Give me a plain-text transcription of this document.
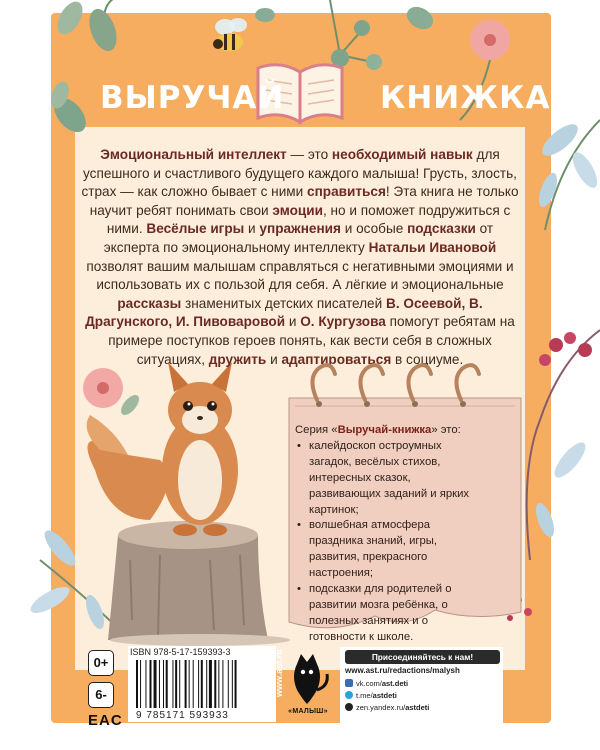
ВЫРУЧАЙ	КНИЖКА
Эмоциональный интеллект — это необходимый навык для успешного и счастливого будущего каждого малыша! Грусть, злость, страх — как сложно бывает с ними справиться! Эта книга не только научит ребят понимать свои эмоции, но и поможет подружиться с ними. Весёлые игры и упражнения и особые подсказки от эксперта по эмоциональному интеллекту Натальи Ивановой позволят вашим малышам справляться с негативными эмоциями и использовать их с пользой для себя. А лёгкие и эмоциональные рассказы знаменитых детских писателей В. Осеевой, В. Драгунского, И. Пивоваровой и О. Кургузова помогут ребятам на примере поступков героев понять, как вести себя в сложных ситуациях, дружить и адаптироваться в социуме.
Серия «Выручай-книжка» это:
• калейдоскоп остроумных загадок, весёлых стихов, интересных сказок, развивающих заданий и ярких картинок;
• волшебная атмосфера праздника знаний, игры, развития, прекрасного настроения;
• подсказки для родителей о развитии мозга ребёнка, о полезных занятиях и о готовности к школе.
0+
6-
EAC
ISBN 978-5-17-159393-3
9 785171 593933
www.ast.ru
«МАЛЫШ»
Присоединяйтесь к нам!
www.ast.ru/redactions/malysh
vk.com/ast.deti
t.me/astdeti
zen.yandex.ru/astdeti
